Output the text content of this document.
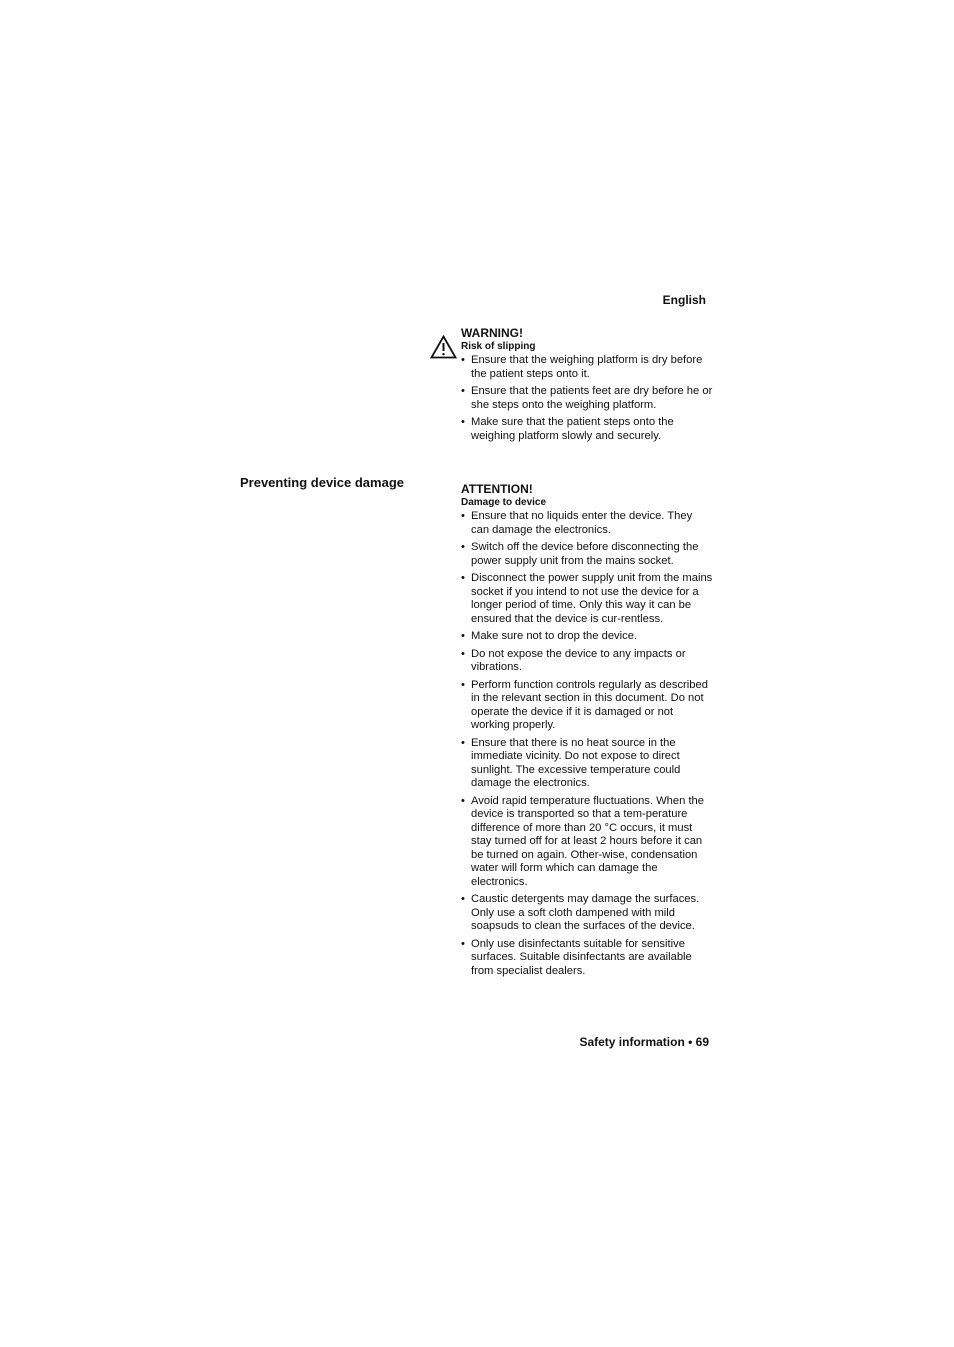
English
WARNING!
Risk of slipping
• Ensure that the weighing platform is dry before the patient steps onto it.
• Ensure that the patients feet are dry before he or she steps onto the weighing platform.
• Make sure that the patient steps onto the weighing platform slowly and securely.
Preventing device damage	ATTENTION!
Damage to device
• Ensure that no liquids enter the device. They can damage the electronics.
• Switch off the device before disconnecting the power supply unit from the mains socket.
• Disconnect the power supply unit from the mains socket if you intend to not use the device for a longer period of time. Only this way it can be ensured that the device is cur-rentless.
• Make sure not to drop the device.
• Do not expose the device to any impacts or vibrations.
• Perform function controls regularly as described in the relevant section in this document. Do not operate the device if it is damaged or not working properly.
• Ensure that there is no heat source in the immediate vicinity. Do not expose to direct sunlight. The excessive temperature could damage the electronics.
• Avoid rapid temperature fluctuations. When the device is transported so that a tem-perature difference of more than 20 °C occurs, it must stay turned off for at least 2 hours before it can be turned on again. Other-wise, condensation water will form which can damage the electronics.
• Caustic detergents may damage the surfaces. Only use a soft cloth dampened with mild soapsuds to clean the surfaces of the device.
• Only use disinfectants suitable for sensitive surfaces. Suitable disinfectants are available from specialist dealers.
Safety information • 69
